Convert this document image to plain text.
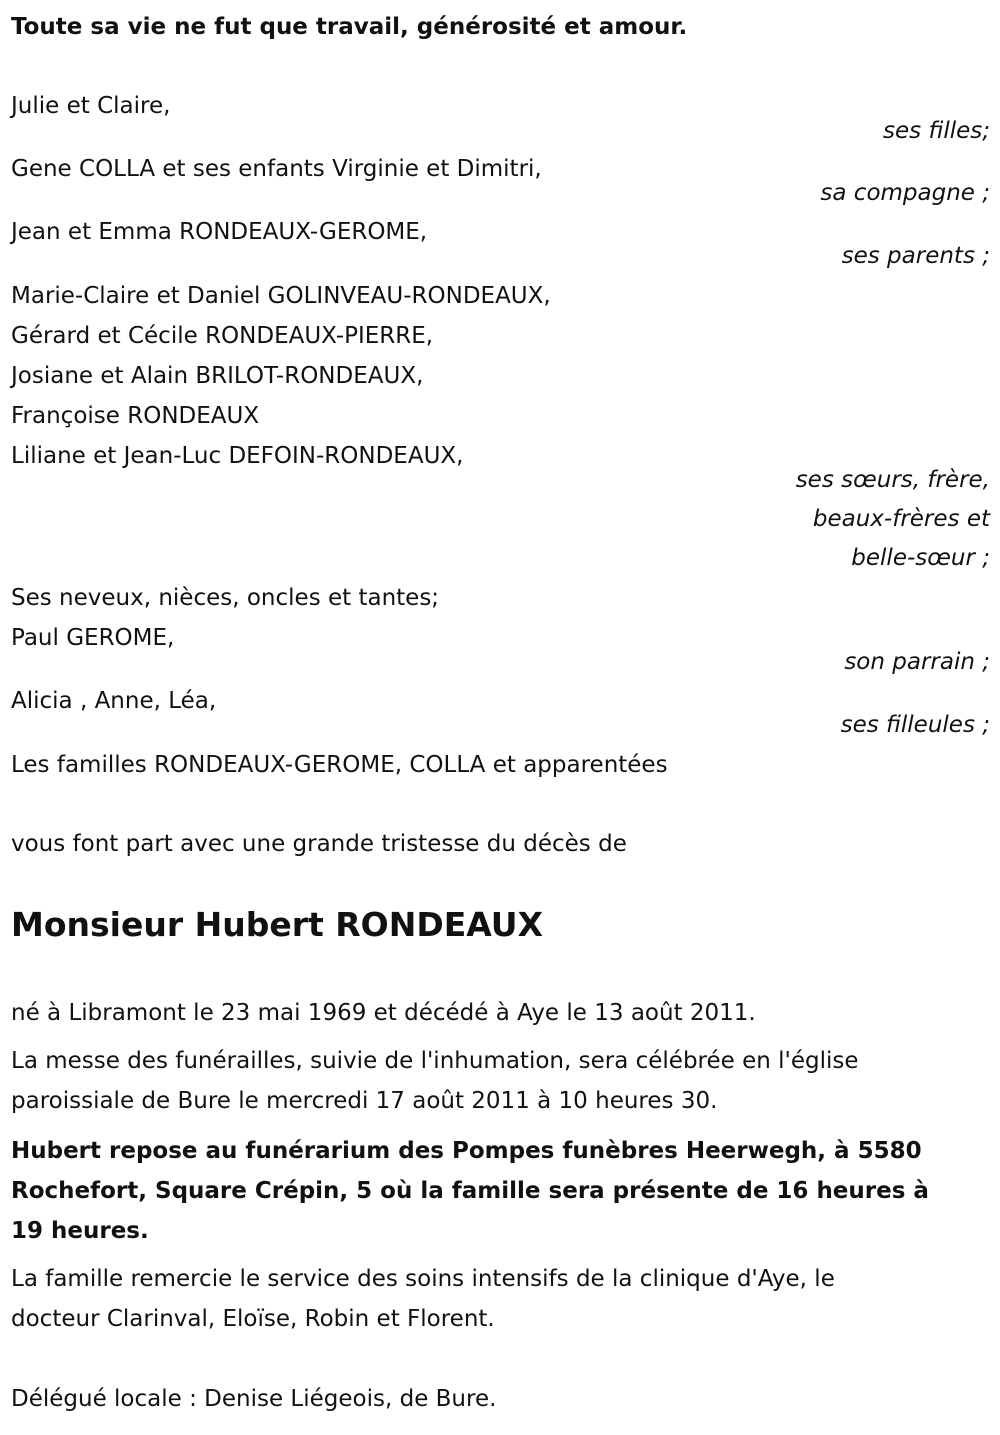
Toute sa vie ne fut que travail, générosité et amour.
Julie et Claire,
ses filles;
Gene COLLA et ses enfants Virginie et Dimitri,
sa compagne ;
Jean et Emma RONDEAUX-GEROME,
ses parents ;
Marie-Claire et Daniel GOLINVEAU-RONDEAUX,
Gérard et Cécile RONDEAUX-PIERRE,
Josiane et Alain BRILOT-RONDEAUX,
Françoise RONDEAUX
Liliane et Jean-Luc DEFOIN-RONDEAUX,
ses sœurs, frère,
beaux-frères et
belle-sœur ;
Ses neveux, nièces, oncles et tantes;
Paul GEROME,
son parrain ;
Alicia , Anne, Léa,
ses filleules ;
Les familles RONDEAUX-GEROME, COLLA et apparentées
vous font part avec une grande tristesse du décès de
Monsieur Hubert RONDEAUX
né à Libramont le 23 mai 1969 et décédé à Aye le 13 août 2011.
La messe des funérailles, suivie de l'inhumation, sera célébrée en l'église
paroissiale de Bure le mercredi 17 août 2011 à 10 heures 30.
Hubert repose au funérarium des Pompes funèbres Heerwegh, à 5580
Rochefort, Square Crépin, 5 où la famille sera présente de 16 heures à
19 heures.
La famille remercie le service des soins intensifs de la clinique d'Aye, le
docteur Clarinval, Eloïse, Robin et Florent.
Délégué locale : Denise Liégeois, de Bure.
